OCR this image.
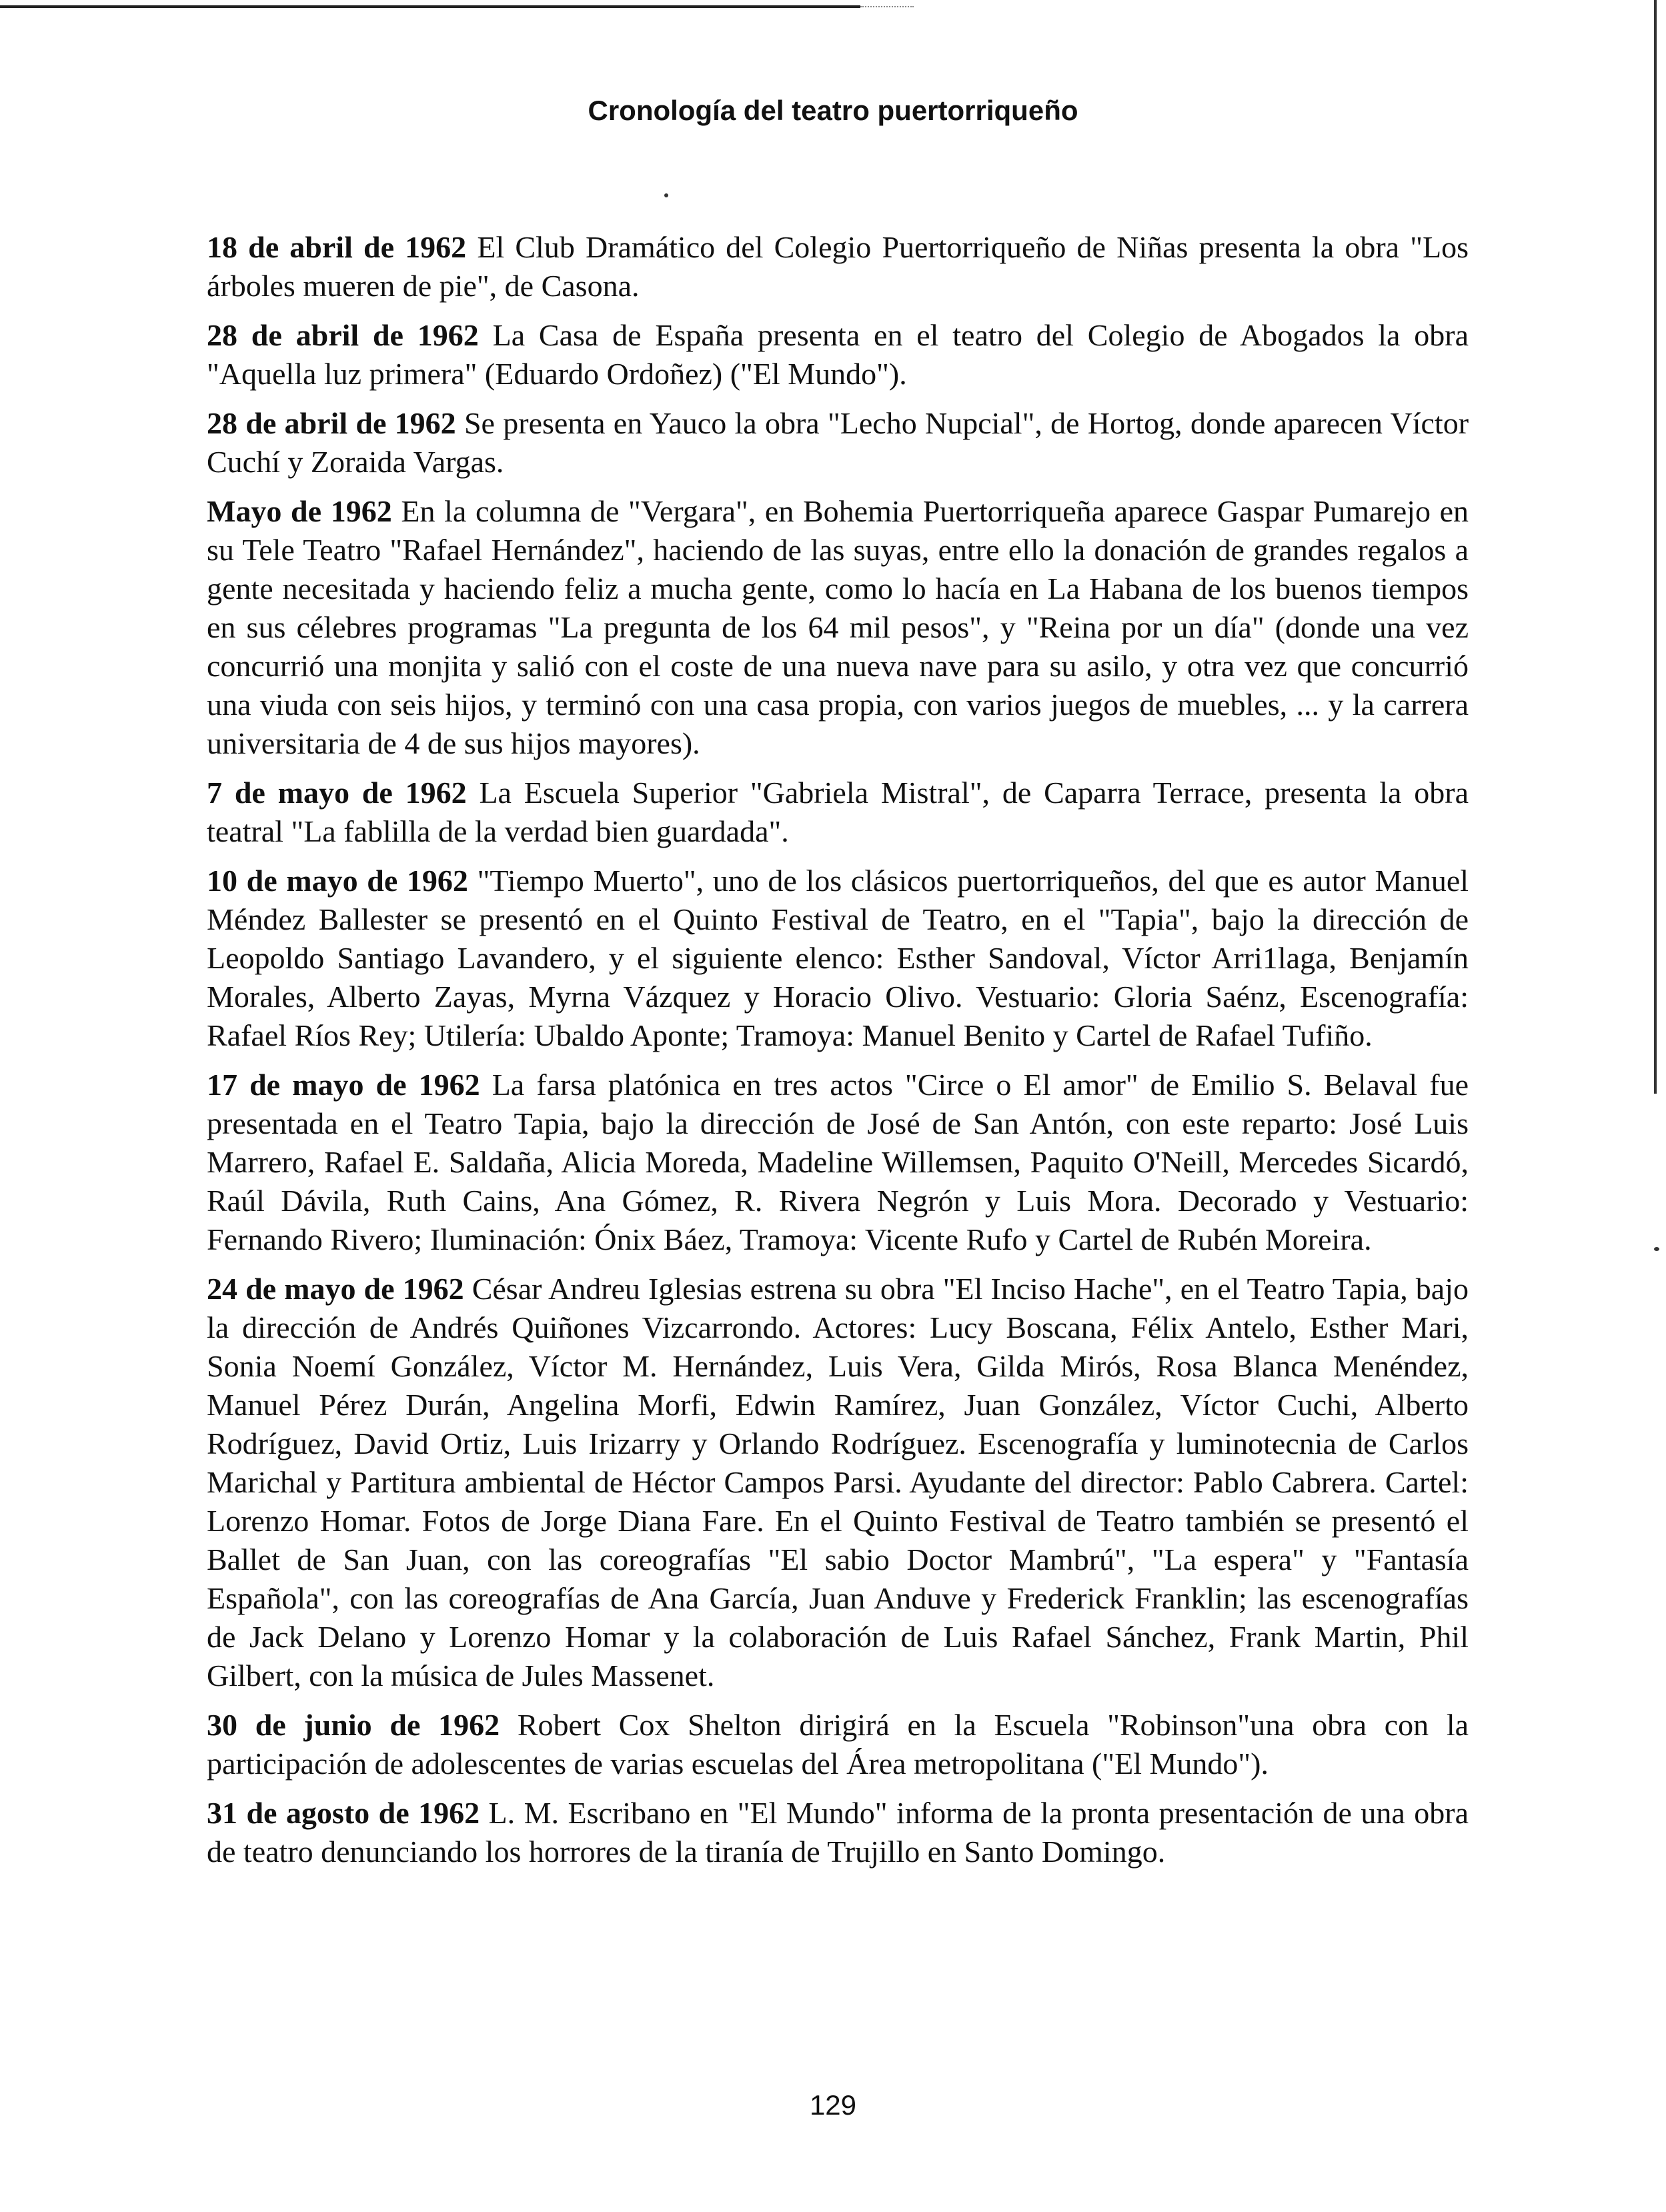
Cronología del teatro puertorriqueño

18 de abril de 1962 El Club Dramático del Colegio Puertorriqueño de Niñas presenta la obra "Los árboles mueren de pie", de Casona.

28 de abril de 1962 La Casa de España presenta en el teatro del Colegio de Abogados la obra "Aquella luz primera" (Eduardo Ordoñez) ("El Mundo").

28 de abril de 1962 Se presenta en Yauco la obra "Lecho Nupcial", de Hortog, donde aparecen Víctor Cuchí y Zoraida Vargas.

Mayo de 1962 En la columna de "Vergara", en Bohemia Puertorriqueña aparece Gaspar Pumarejo en su Tele Teatro "Rafael Hernández", haciendo de las suyas, entre ello la donación de grandes regalos a gente necesitada y haciendo feliz a mucha gente, como lo hacía en La Habana de los buenos tiempos en sus célebres programas "La pregunta de los 64 mil pesos", y "Reina por un día" (donde una vez concurrió una monjita y salió con el coste de una nueva nave para su asilo, y otra vez que concurrió una viuda con seis hijos, y terminó con una casa propia, con varios juegos de muebles, ... y la carrera universitaria de 4 de sus hijos mayores).

7 de mayo de 1962 La Escuela Superior "Gabriela Mistral", de Caparra Terrace, presenta la obra teatral "La fablilla de la verdad bien guardada".

10 de mayo de 1962 "Tiempo Muerto", uno de los clásicos puertorriqueños, del que es autor Manuel Méndez Ballester se presentó en el Quinto Festival de Teatro, en el "Tapia", bajo la dirección de Leopoldo Santiago Lavandero, y el siguiente elenco: Esther Sandoval, Víctor Arri1laga, Benjamín Morales, Alberto Zayas, Myrna Vázquez y Horacio Olivo. Vestuario: Gloria Saénz, Escenografía: Rafael Ríos Rey; Utilería: Ubaldo Aponte; Tramoya: Manuel Benito y Cartel de Rafael Tufiño.

17 de mayo de 1962 La farsa platónica en tres actos "Circe o El amor" de Emilio S. Belaval fue presentada en el Teatro Tapia, bajo la dirección de José de San Antón, con este reparto: José Luis Marrero, Rafael E. Saldaña, Alicia Moreda, Madeline Willemsen, Paquito O'Neill, Mercedes Sicardó, Raúl Dávila, Ruth Cains, Ana Gómez, R. Rivera Negrón y Luis Mora. Decorado y Vestuario: Fernando Rivero; Iluminación: Ónix Báez, Tramoya: Vicente Rufo y Cartel de Rubén Moreira.

24 de mayo de 1962 César Andreu Iglesias estrena su obra "El Inciso Hache", en el Teatro Tapia, bajo la dirección de Andrés Quiñones Vizcarrondo. Actores: Lucy Boscana, Félix Antelo, Esther Mari, Sonia Noemí González, Víctor M. Hernández, Luis Vera, Gilda Mirós, Rosa Blanca Menéndez, Manuel Pérez Durán, Angelina Morfi, Edwin Ramírez, Juan González, Víctor Cuchi, Alberto Rodríguez, David Ortiz, Luis Irizarry y Orlando Rodríguez. Escenografía y luminotecnia de Carlos Marichal y Partitura ambiental de Héctor Campos Parsi. Ayudante del director: Pablo Cabrera. Cartel: Lorenzo Homar. Fotos de Jorge Diana Fare. En el Quinto Festival de Teatro también se presentó el Ballet de San Juan, con las coreografías "El sabio Doctor Mambrú", "La espera" y "Fantasía Española", con las coreografías de Ana García, Juan Anduve y Frederick Franklin; las escenografías de Jack Delano y Lorenzo Homar y la colaboración de Luis Rafael Sánchez, Frank Martin, Phil Gilbert, con la música de Jules Massenet.

30 de junio de 1962 Robert Cox Shelton dirigirá en la Escuela "Robinson"una obra con la participación de adolescentes de varias escuelas del Área metropolitana ("El Mundo").

31 de agosto de 1962 L. M. Escribano en "El Mundo" informa de la pronta presentación de una obra de teatro denunciando los horrores de la tiranía de Trujillo en Santo Domingo.

129
